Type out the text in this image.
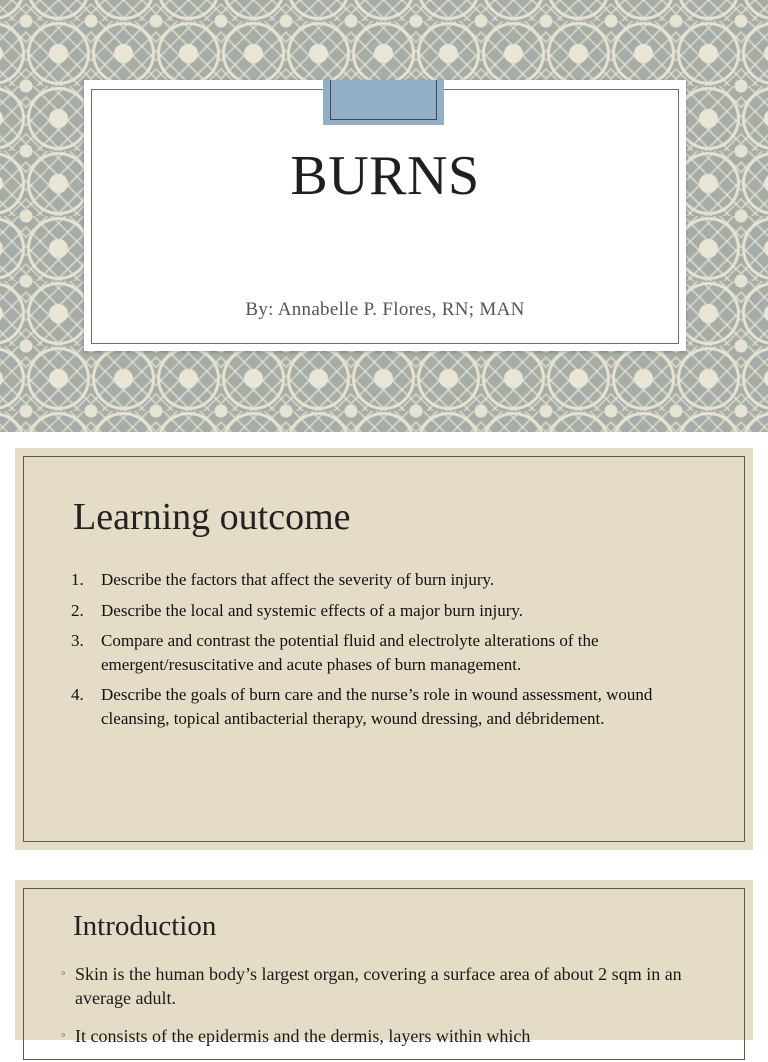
BURNS
By: Annabelle P. Flores, RN; MAN
Learning outcome
1. Describe the factors that affect the severity of burn injury.
2. Describe the local and systemic effects of a major burn injury.
3. Compare and contrast the potential fluid and electrolyte alterations of the emergent/resuscitative and acute phases of burn management.
4. Describe the goals of burn care and the nurse’s role in wound assessment, wound cleansing, topical antibacterial therapy, wound dressing, and débridement.
Introduction
◦ Skin is the human body’s largest organ, covering a surface area of about 2 sqm in an average adult.
◦ It consists of the epidermis and the dermis, layers within which
